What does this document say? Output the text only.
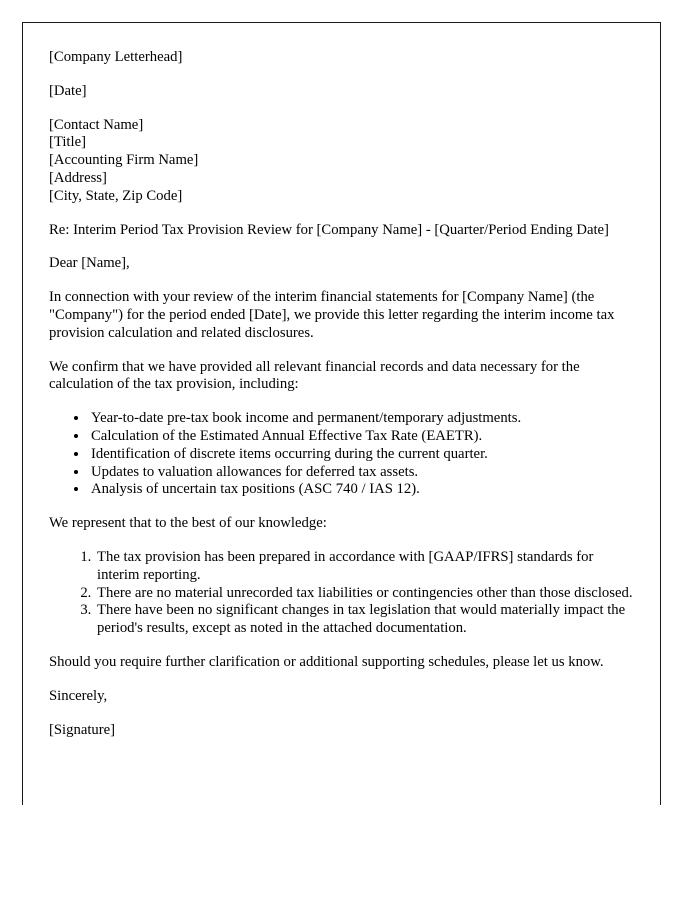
[Company Letterhead]

[Date]

[Contact Name]
[Title]
[Accounting Firm Name]
[Address]
[City, State, Zip Code]

Re: Interim Period Tax Provision Review for [Company Name] - [Quarter/Period Ending Date]

Dear [Name],

In connection with your review of the interim financial statements for [Company Name] (the "Company") for the period ended [Date], we provide this letter regarding the interim income tax provision calculation and related disclosures.

We confirm that we have provided all relevant financial records and data necessary for the calculation of the tax provision, including:

• Year-to-date pre-tax book income and permanent/temporary adjustments.
• Calculation of the Estimated Annual Effective Tax Rate (EAETR).
• Identification of discrete items occurring during the current quarter.
• Updates to valuation allowances for deferred tax assets.
• Analysis of uncertain tax positions (ASC 740 / IAS 12).

We represent that to the best of our knowledge:

1. The tax provision has been prepared in accordance with [GAAP/IFRS] standards for interim reporting.
2. There are no material unrecorded tax liabilities or contingencies other than those disclosed.
3. There have been no significant changes in tax legislation that would materially impact the period's results, except as noted in the attached documentation.

Should you require further clarification or additional supporting schedules, please let us know.

Sincerely,

[Signature]
